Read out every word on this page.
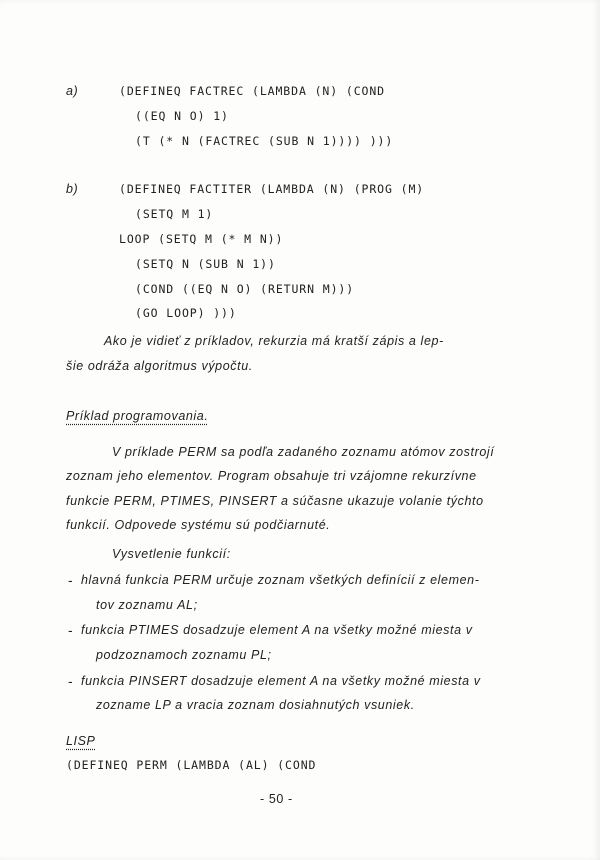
a)	(DEFINEQ FACTREC (LAMBDA (N) (COND
((EQ N O) 1)
(T (* N (FACTREC (SUB N 1)))) )))
b)	(DEFINEQ FACTITER (LAMBDA (N) (PROG (M)
(SETQ M 1)
LOOP (SETQ M (* M N))
(SETQ N (SUB N 1))
(COND ((EQ N O) (RETURN M)))
(GO LOOP) )))
Ako je vidieť z príkladov, rekurzia má kratší zápis a lep-
šie odráža algoritmus výpočtu.
Príklad programovania.
V príklade PERM sa podľa zadaného zoznamu atómov zostrojí
zoznam jeho elementov. Program obsahuje tri vzájomne rekurzívne
funkcie PERM, PTIMES, PINSERT a súčasne ukazuje volanie týchto
funkcií. Odpovede systému sú podčiarnuté.
Vysvetlenie funkcií:
- hlavná funkcia PERM určuje zoznam všetkých definícií z elemen-
tov zoznamu AL;
- funkcia PTIMES dosadzuje element A na všetky možné miesta v
podzoznamoch zoznamu PL;
- funkcia PINSERT dosadzuje element A na všetky možné miesta v
zozname LP a vracia zoznam dosiahnutých vsuniek.
LISP
(DEFINEQ PERM (LAMBDA (AL) (COND
- 50 -
